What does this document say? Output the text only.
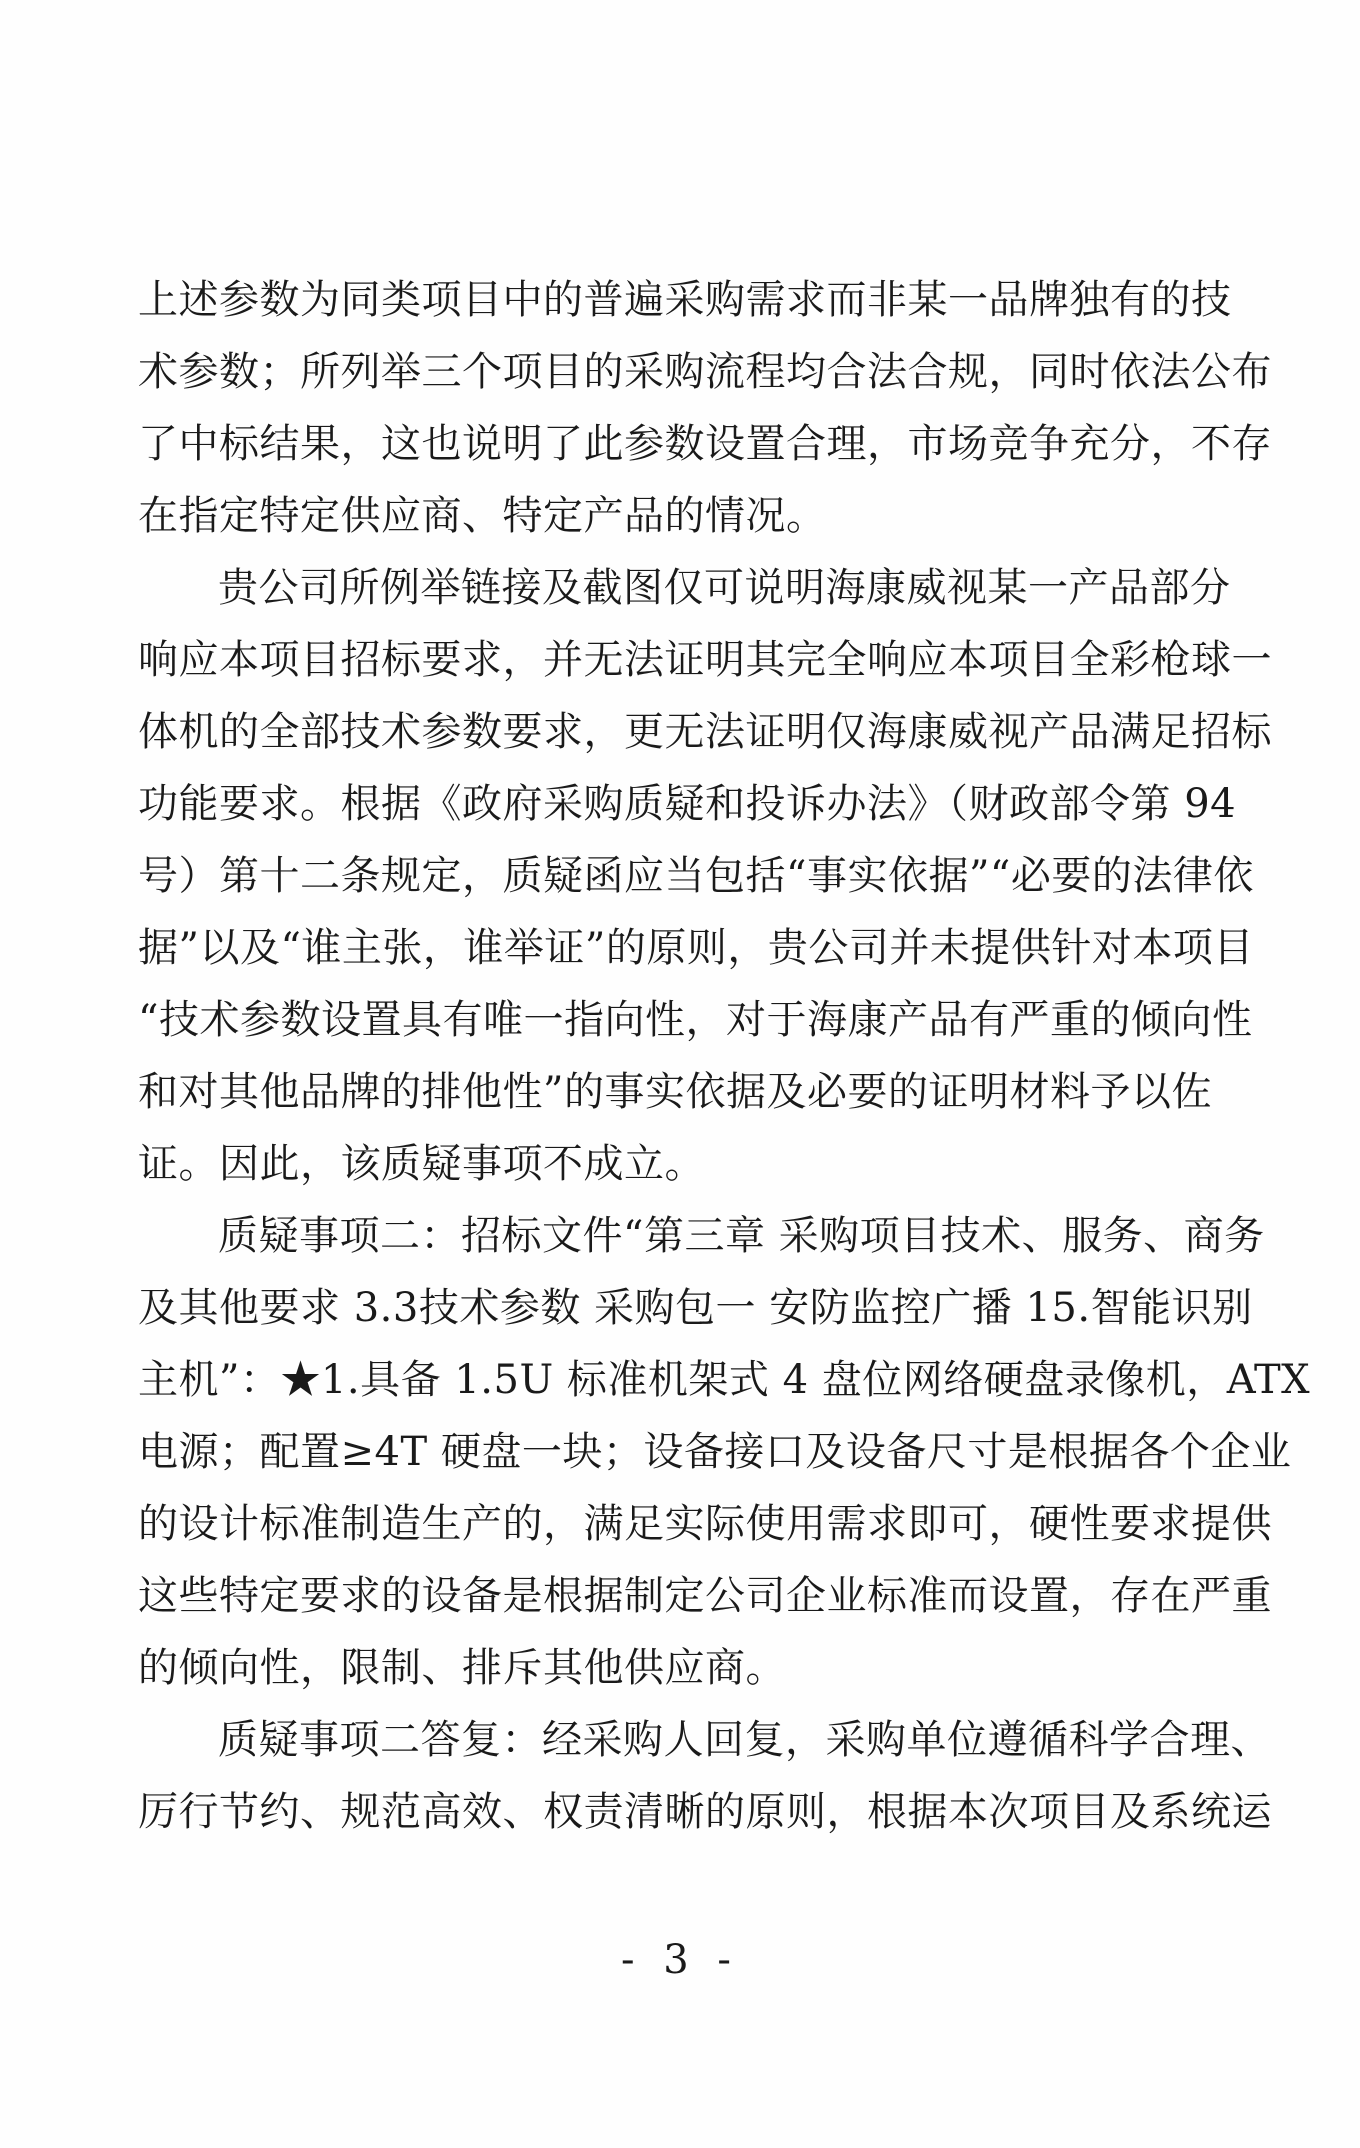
上述参数为同类项目中的普遍采购需求而非某一品牌独有的技
术参数；所列举三个项目的采购流程均合法合规，同时依法公布
了中标结果，这也说明了此参数设置合理，市场竞争充分，不存
在指定特定供应商、特定产品的情况。
贵公司所例举链接及截图仅可说明海康威视某一产品部分
响应本项目招标要求，并无法证明其完全响应本项目全彩枪球一
体机的全部技术参数要求，更无法证明仅海康威视产品满足招标
功能要求。根据《政府采购质疑和投诉办法》（财政部令第 94
号）第十二条规定，质疑函应当包括“事实依据”“必要的法律依
据”以及“谁主张，谁举证”的原则，贵公司并未提供针对本项目
“技术参数设置具有唯一指向性，对于海康产品有严重的倾向性
和对其他品牌的排他性”的事实依据及必要的证明材料予以佐
证。因此，该质疑事项不成立。
质疑事项二：招标文件“第三章 采购项目技术、服务、商务
及其他要求 3.3技术参数 采购包一 安防监控广播 15.智能识别
主机”：★1.具备 1.5U 标准机架式 4 盘位网络硬盘录像机，ATX
电源；配置≥4T 硬盘一块；设备接口及设备尺寸是根据各个企业
的设计标准制造生产的，满足实际使用需求即可，硬性要求提供
这些特定要求的设备是根据制定公司企业标准而设置，存在严重
的倾向性，限制、排斥其他供应商。
质疑事项二答复：经采购人回复，采购单位遵循科学合理、
厉行节约、规范高效、权责清晰的原则，根据本次项目及系统运
- 3 -
